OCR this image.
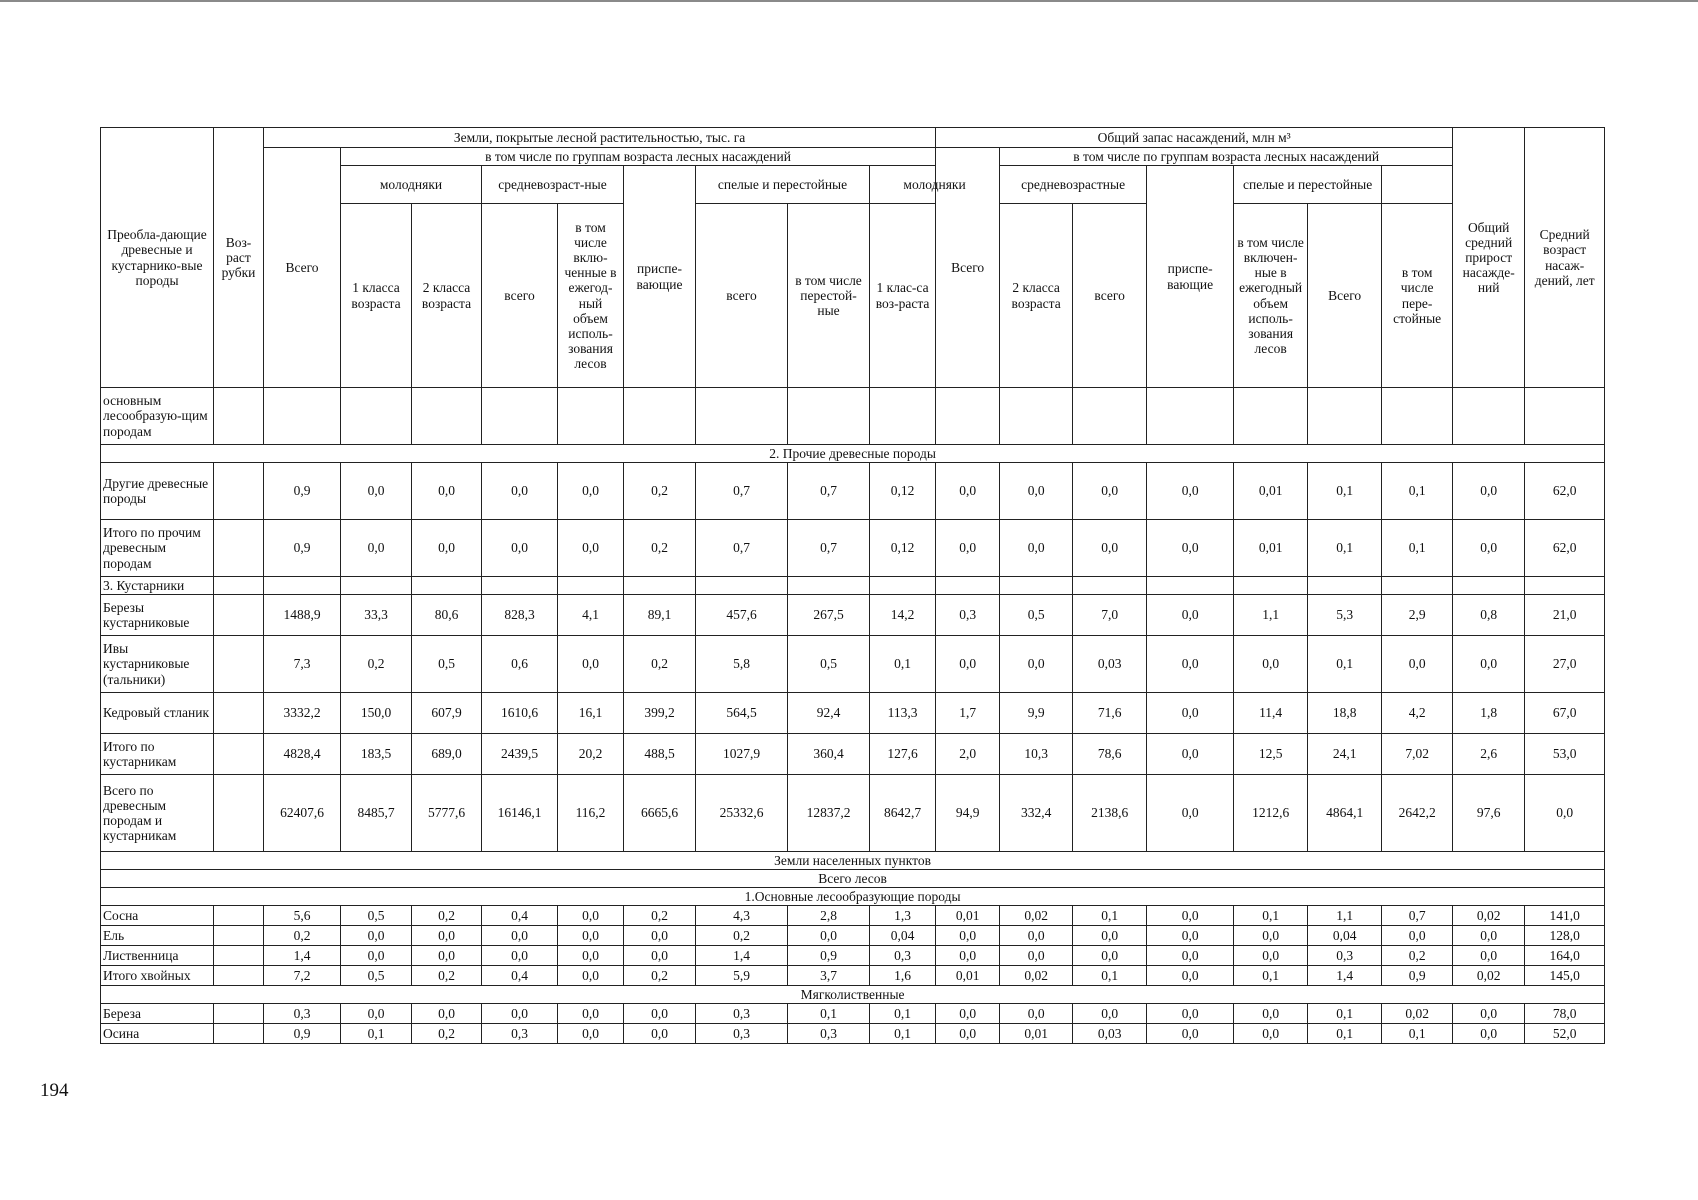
Преобла-дающие древесные и кустарнико-вые породы	Воз-раст рубки	Земли, покрытые лесной растительностью, тыс. га									Общий запас насаждений, млн м³							Общий средний прирост насажде-ний	Средний возраст насаж-дений, лет
		Всего	в том числе по группам возраста лесных насаждений								Всего	в том числе по группам возраста лесных насаждений							
			молодняки		средневозраст-ные		приспе-вающие	спелые и перестойные		молодняки		средневозрастные		приспе-вающие	спелые и перестойные				
			1 класса возраста	2 класса возраста	всего	в том числе вклю-ченные в ежегод-ный объем исполь-зования лесов		всего	в том числе перестой-ные	1 клас-са воз-раста		2 класса возраста	всего		в том числе включен-ные в ежегодный объем исполь-зования лесов	Всего	в том числе пере-стойные		

основным лесообразую-щим породам																			
2. Прочие древесные породы																			
Другие древесные породы		0,9	0,0	0,0	0,0	0,0	0,2	0,7	0,7	0,12	0,0	0,0	0,0	0,0	0,01	0,1	0,1	0,0	62,0
Итого по прочим древесным породам		0,9	0,0	0,0	0,0	0,0	0,2	0,7	0,7	0,12	0,0	0,0	0,0	0,0	0,01	0,1	0,1	0,0	62,0
3. Кустарники																			
Березы кустарниковые		1488,9	33,3	80,6	828,3	4,1	89,1	457,6	267,5	14,2	0,3	0,5	7,0	0,0	1,1	5,3	2,9	0,8	21,0
Ивы кустарниковые (тальники)		7,3	0,2	0,5	0,6	0,0	0,2	5,8	0,5	0,1	0,0	0,0	0,03	0,0	0,0	0,1	0,0	0,0	27,0
Кедровый стланик		3332,2	150,0	607,9	1610,6	16,1	399,2	564,5	92,4	113,3	1,7	9,9	71,6	0,0	11,4	18,8	4,2	1,8	67,0
Итого по кустарникам		4828,4	183,5	689,0	2439,5	20,2	488,5	1027,9	360,4	127,6	2,0	10,3	78,6	0,0	12,5	24,1	7,02	2,6	53,0
Всего по древесным породам и кустарникам		62407,6	8485,7	5777,6	16146,1	116,2	6665,6	25332,6	12837,2	8642,7	94,9	332,4	2138,6	0,0	1212,6	4864,1	2642,2	97,6	0,0
Земли населенных пунктов																			
Всего лесов																			
1.Основные лесообразующие породы																			
Сосна		5,6	0,5	0,2	0,4	0,0	0,2	4,3	2,8	1,3	0,01	0,02	0,1	0,0	0,1	1,1	0,7	0,02	141,0
Ель		0,2	0,0	0,0	0,0	0,0	0,0	0,2	0,0	0,04	0,0	0,0	0,0	0,0	0,0	0,04	0,0	0,0	128,0
Лиственница		1,4	0,0	0,0	0,0	0,0	0,0	1,4	0,9	0,3	0,0	0,0	0,0	0,0	0,0	0,3	0,2	0,0	164,0
Итого хвойных		7,2	0,5	0,2	0,4	0,0	0,2	5,9	3,7	1,6	0,01	0,02	0,1	0,0	0,1	1,4	0,9	0,02	145,0
Мягколиственные																			
Береза		0,3	0,0	0,0	0,0	0,0	0,0	0,3	0,1	0,1	0,0	0,0	0,0	0,0	0,0	0,1	0,02	0,0	78,0
Осина		0,9	0,1	0,2	0,3	0,0	0,0	0,3	0,3	0,1	0,0	0,01	0,03	0,0	0,0	0,1	0,1	0,0	52,0
194
